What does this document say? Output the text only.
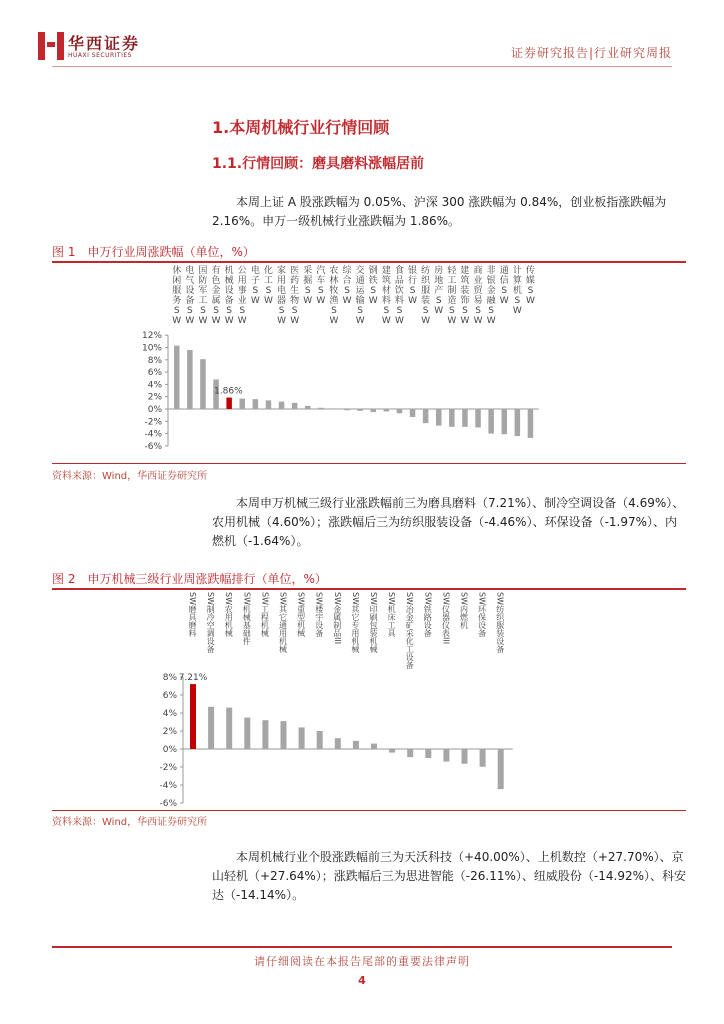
华西证券
HUAXI SECURITIES	证券研究报告|行业研究周报
1.本周机械行业行情回顾
1.1.行情回顾：磨具磨料涨幅居前
本周上证 A 股涨跌幅为 0.05%、沪深 300 涨跌幅为 0.84%，创业板指涨跌幅为 2.16%。申万一级机械行业涨跌幅为 1.86%。
图 1　申万行业周涨跌幅（单位，%）
休闲服务SW
电气设备SW
国防军工SW
有色金属SW
机械设备SW
公用事业SW
电子SW
化工SW
家用电器SW
医药生物SW
采掘SW
汽车SW
农林牧渔SW
综合SW
交通运输SW
钢铁SW
建筑材料SW
食品饮料SW
银行SW
纺织服装SW
房地产SW
轻工制造SW
建筑装饰SW
商业贸易SW
非银金融SW
通信SW
计算机SW
传媒SW
12%
10%
8%
6%
4%
2%
0%
-2%
-4%
-6%
1.86%
资料来源：Wind，华西证券研究所
本周申万机械三级行业涨跌幅前三为磨具磨料（7.21%）、制冷空调设备（4.69%）、农用机械（4.60%）；涨跌幅后三为纺织服装设备（-4.46%）、环保设备（-1.97%）、内燃机（-1.64%）。
图 2　申万机械三级行业周涨跌幅排行（单位，%）
SW磨具磨料 SW制冷空调设备 SW农用机械 SW机械基础件 SW工程机械 SW其它通用机械 SW重型机械 SW楼宇设备 SW金属制品III SW其它专用机械 SW印刷包装机械 SW机床工具 SW冶金矿采化工设备 SW铁路设备 SW仪器仪表III SW内燃机 SW环保设备 SW纺织服装设备
8%
6%
4%
2%
0%
-2%
-4%
-6%
7.21%
资料来源：Wind，华西证券研究所
本周机械行业个股涨跌幅前三为天沃科技（+40.00%）、上机数控（+27.70%）、京山轻机（+27.64%）；涨跌幅后三为思进智能（-26.11%）、纽威股份（-14.92%）、科安达（-14.14%）。
请仔细阅读在本报告尾部的重要法律声明
4
